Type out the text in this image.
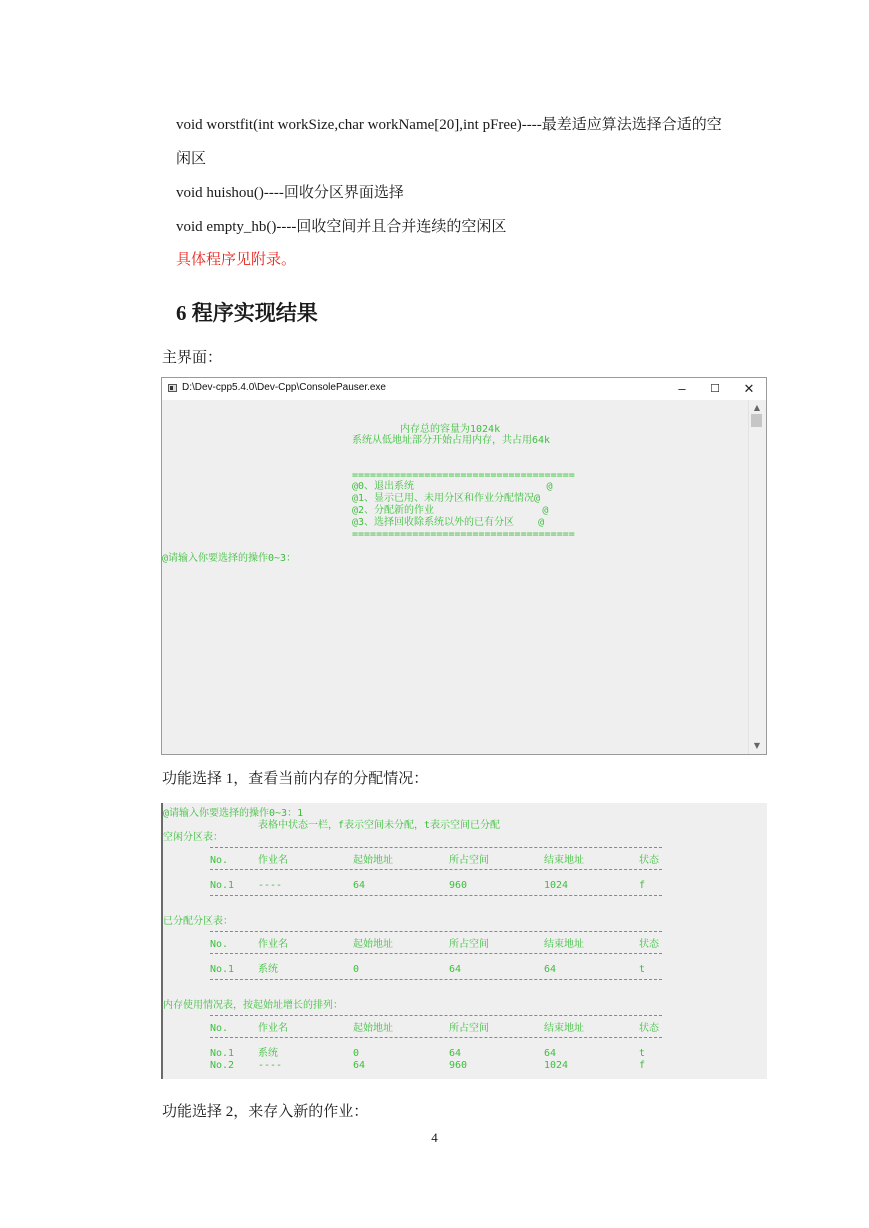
void worstfit(int workSize,char workName[20],int pFree)----最差适应算法选择合适的空
闲区
void huishou()----回收分区界面选择
void empty_hb()----回收空间并且合并连续的空闲区
具体程序见附录。
6 程序实现结果
主界面：
D:\Dev-cpp5.4.0\Dev-Cpp\ConsolePauser.exe	–	☐	✕
内存总的容量为1024k
系统从低地址部分开始占用内存，共占用64k
=====================================
@0、退出系统                      @
@1、显示已用、未用分区和作业分配情况@
@2、分配新的作业                  @
@3、选择回收除系统以外的已有分区    @
=====================================
@请输入你要选择的操作0~3：
▲
▼
功能选择 1，查看当前内存的分配情况：
@请输入你要选择的操作0~3：1
表格中状态一栏，f表示空间未分配，t表示空间已分配
空闲分区表：
No.	作业名	起始地址	所占空间	结束地址	状态
No.1 ----	64	960	1024	f
已分配分区表：
No.	作业名	起始地址	所占空间	结束地址	状态
No.1 系统	0	64	64	t
内存使用情况表，按起始址增长的排列：
No.	作业名	起始地址	所占空间	结束地址	状态
No.1 系统	0	64	64	t
No.2 ----	64	960	1024	f
功能选择 2，来存入新的作业：
4
